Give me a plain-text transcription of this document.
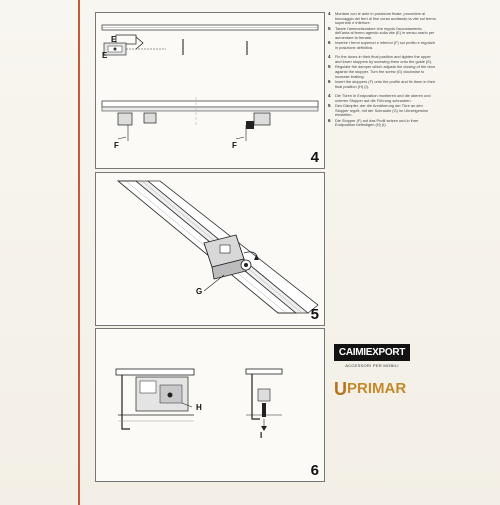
E
E
F	F
4
G
5
H
I
6
4	Montare con le ante in posizione finale, procedere al bloccaggio dei ferri di fine corsa avvitando la vite sul fermo superiore e inferiore.
5	Tarare l'ammortizzatore che regola l'accostamento dell'anta al fermo agendo sulla vite (E) in senso orario per aumentare la frenata.
6	Inserire i fermi superiori e inferiori (F) sul profilo e regolarli in posizione definitiva.
4	Fix the doors in their final position and tighten the upper and lower stoppers by screwing them onto the guide (E).
5	Regulate the damper which adjusts the closing of the door against the stopper. Turn the screw (G) clockwise to increase braking.
6	Insert the stoppers (F) onto the profile and fix them in their final position (H) (I).
4	Die Türen in Endposition montieren und die oberen und unteren Stopper auf die Führung schrauben.
5	Den Dämpfer, der die Annäherung der Türe an den Stopper regelt, mit der Schraube (G) im Uhrzeigersinn einstellen.
6	Die Stopper (F) auf das Profil setzen und in ihrer Endposition befestigen (H) (I).
CAIMIEXPORT
ACCESSORI PER MOBILI
UPRIMAR
